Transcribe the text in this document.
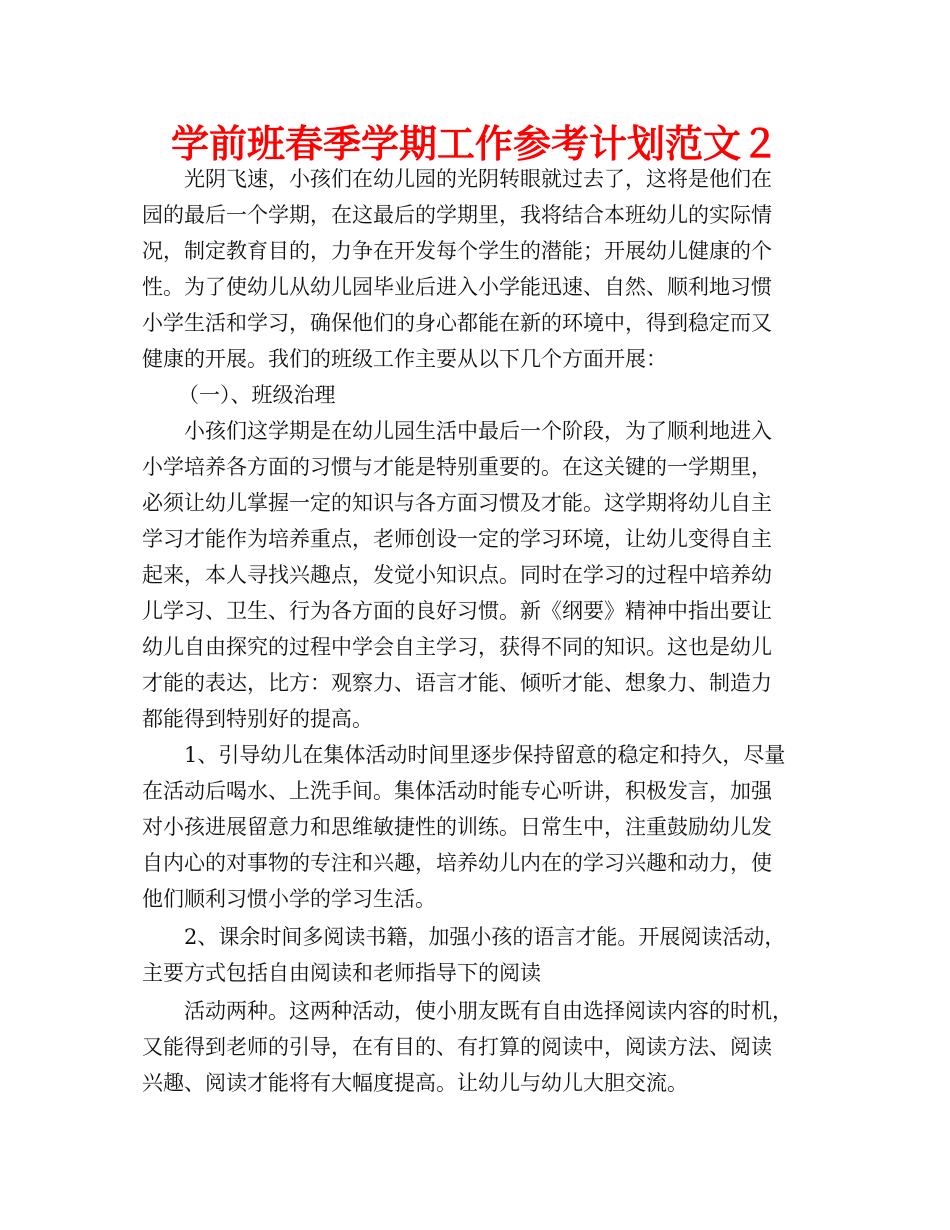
学前班春季学期工作参考计划范文２
光阴飞速，小孩们在幼儿园的光阴转眼就过去了，这将是他们在
园的最后一个学期，在这最后的学期里，我将结合本班幼儿的实际情
况，制定教育目的，力争在开发每个学生的潜能；开展幼儿健康的个
性。为了使幼儿从幼儿园毕业后进入小学能迅速、自然、顺利地习惯
小学生活和学习，确保他们的身心都能在新的环境中，得到稳定而又
健康的开展。我们的班级工作主要从以下几个方面开展：
（一）、班级治理
小孩们这学期是在幼儿园生活中最后一个阶段，为了顺利地进入
小学培养各方面的习惯与才能是特别重要的。在这关键的一学期里，
必须让幼儿掌握一定的知识与各方面习惯及才能。这学期将幼儿自主
学习才能作为培养重点，老师创设一定的学习环境，让幼儿变得自主
起来，本人寻找兴趣点，发觉小知识点。同时在学习的过程中培养幼
儿学习、卫生、行为各方面的良好习惯。新《纲要》精神中指出要让
幼儿自由探究的过程中学会自主学习，获得不同的知识。这也是幼儿
才能的表达，比方：观察力、语言才能、倾听才能、想象力、制造力
都能得到特别好的提高。
1、引导幼儿在集体活动时间里逐步保持留意的稳定和持久，尽量
在活动后喝水、上洗手间。集体活动时能专心听讲，积极发言，加强
对小孩进展留意力和思维敏捷性的训练。日常生中，注重鼓励幼儿发
自内心的对事物的专注和兴趣，培养幼儿内在的学习兴趣和动力，使
他们顺利习惯小学的学习生活。
2、课余时间多阅读书籍，加强小孩的语言才能。开展阅读活动，
主要方式包括自由阅读和老师指导下的阅读
活动两种。这两种活动，使小朋友既有自由选择阅读内容的时机，
又能得到老师的引导，在有目的、有打算的阅读中，阅读方法、阅读
兴趣、阅读才能将有大幅度提高。让幼儿与幼儿大胆交流。
